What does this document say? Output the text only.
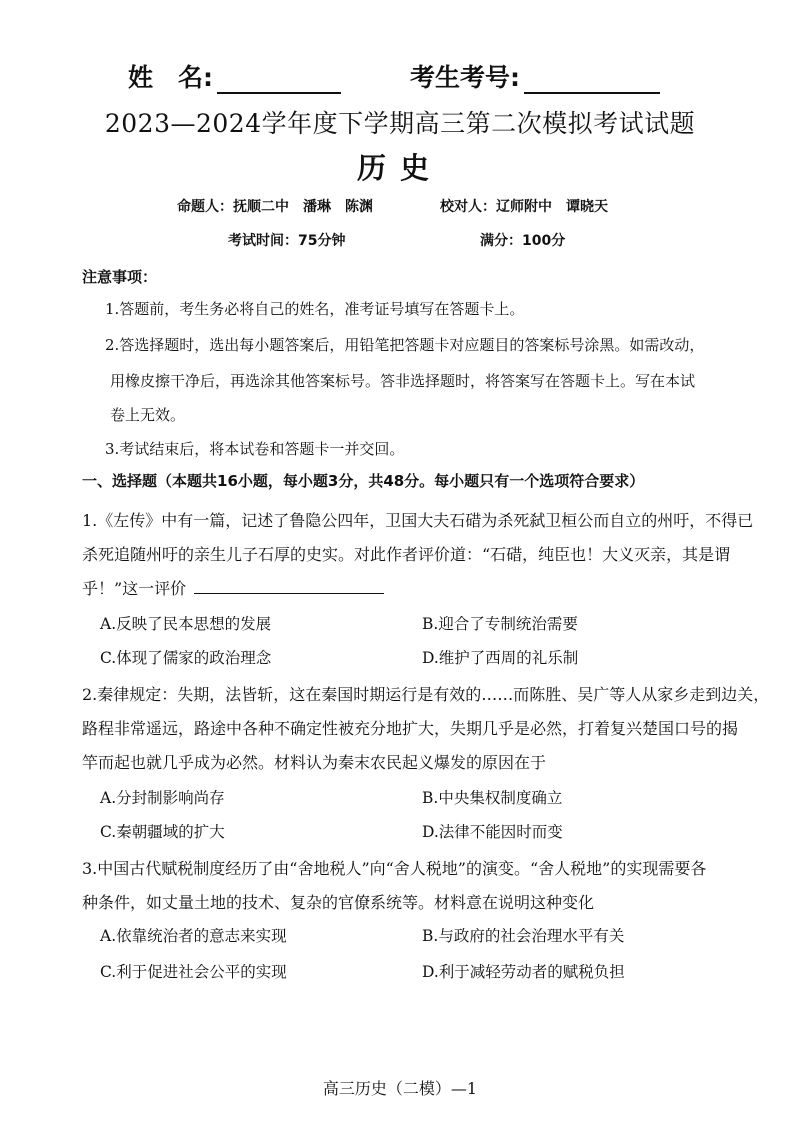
姓　名:	考生考号:
2023—2024学年度下学期高三第二次模拟考试试题
历史
命题人：抚顺二中　潘琳　陈渊	校对人：辽师附中　谭晓天
考试时间：75分钟	满分：100分
注意事项：
1.答题前，考生务必将自己的姓名，准考证号填写在答题卡上。
2.答选择题时，选出每小题答案后，用铅笔把答题卡对应题目的答案标号涂黑。如需改动，
用橡皮擦干净后，再选涂其他答案标号。答非选择题时，将答案写在答题卡上。写在本试
卷上无效。
3.考试结束后，将本试卷和答题卡一并交回。
一、选择题（本题共16小题，每小题3分，共48分。每小题只有一个选项符合要求）
1.《左传》中有一篇，记述了鲁隐公四年，卫国大夫石碏为杀死弑卫桓公而自立的州吁，不得已
杀死追随州吁的亲生儿子石厚的史实。对此作者评价道：“石碏，纯臣也！大义灭亲，其是谓
乎！”这一评价
A.反映了民本思想的发展	B.迎合了专制统治需要
C.体现了儒家的政治理念	D.维护了西周的礼乐制
2.秦律规定：失期，法皆斩，这在秦国时期运行是有效的……而陈胜、吴广等人从家乡走到边关，
路程非常遥远，路途中各种不确定性被充分地扩大，失期几乎是必然，打着复兴楚国口号的揭
竿而起也就几乎成为必然。材料认为秦末农民起义爆发的原因在于
A.分封制影响尚存	B.中央集权制度确立
C.秦朝疆域的扩大	D.法律不能因时而变
3.中国古代赋税制度经历了由“舍地税人”向“舍人税地”的演变。“舍人税地”的实现需要各
种条件，如丈量土地的技术、复杂的官僚系统等。材料意在说明这种变化
A.依靠统治者的意志来实现	B.与政府的社会治理水平有关
C.利于促进社会公平的实现	D.利于减轻劳动者的赋税负担
高三历史（二模）—1
